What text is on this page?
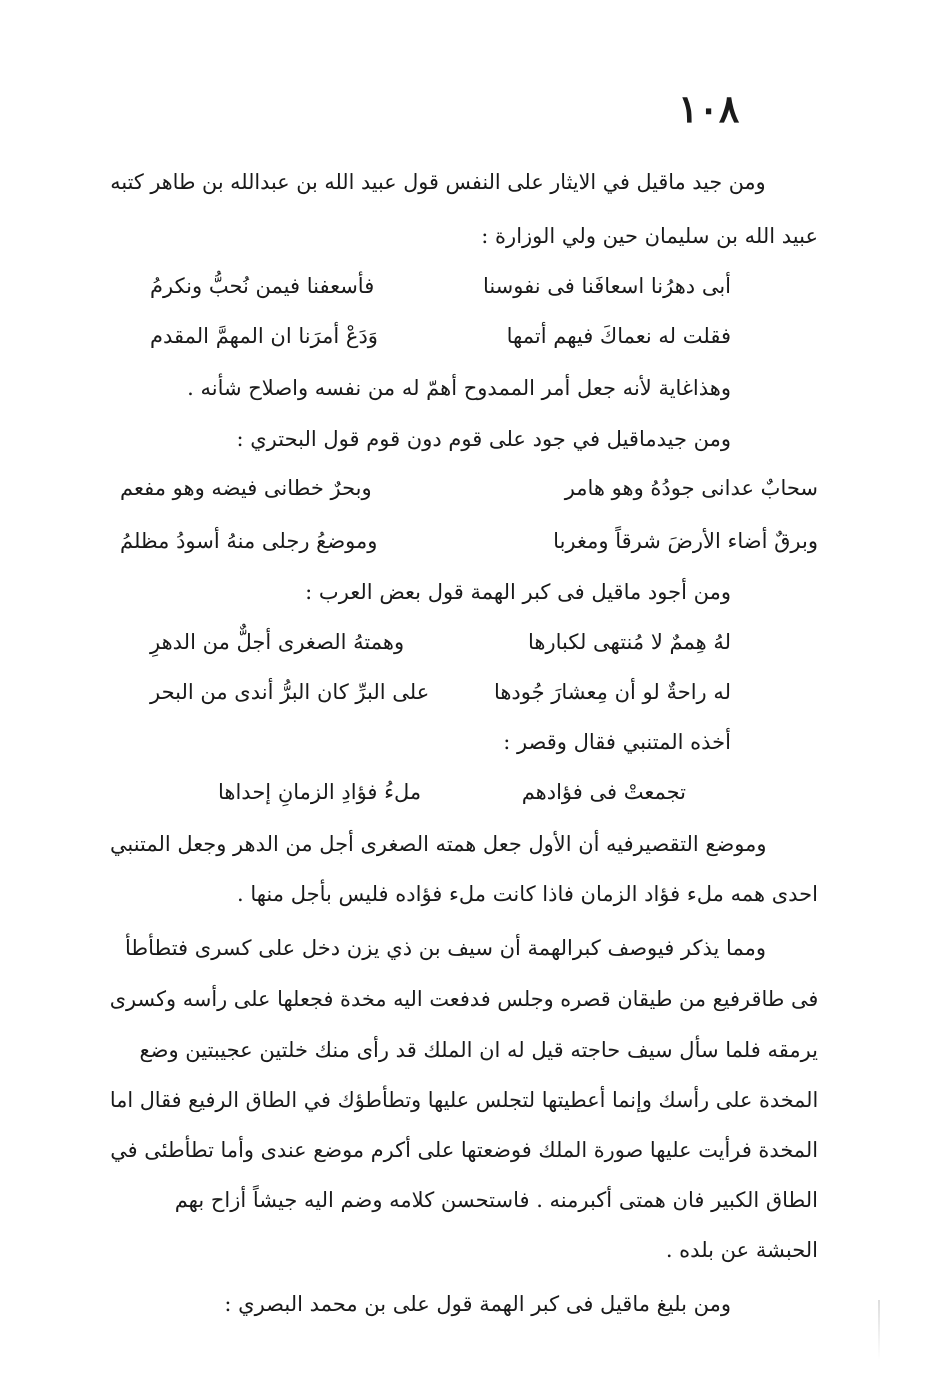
١٠٨
ومن جيد ماقيل في الايثار على النفس قول عبيد الله بن عبدالله بن طاهر كتبه
عبيد الله بن سليمان حين ولي الوزارة :
أبى دهرُنا اسعافَنا فى نفوسنا
فأسعفنا فيمن نُحبُّ ونكرمُ
فقلت له نعماكَ فيهم أتمها
وَدَعْ أمرَنا ان المهمَّ المقدم
وهذاغاية لأنه جعل أمر الممدوح أهمّ له من نفسه واصلاح شأنه .
ومن جيدماقيل في جود على قوم دون قوم قول البحتري :
سحابٌ عدانى جودُهُ وهو هامر
وبحرٌ خطانى فيضه وهو مفعم
وبرقٌ أضاء الأرضَ شرقاً ومغربا
وموضعُ رجلى منهُ أسودُ مظلمُ
ومن أجود ماقيل فى كبر الهمة قول بعض العرب :
لهُ هِممٌ لا مُنتهى لكبارها
وهمتهُ الصغرى أجلٌّ من الدهرِ
له راحةٌ لو أن مِعشارَ جُودها
على البرِّ كان البرُّ أندى من البحر
أخذه المتنبي فقال وقصر :
تجمعتْ فى فؤادهم
ملءُ فؤادِ الزمانِ إحداها
وموضع التقصيرفيه أن الأول جعل همته الصغرى أجل من الدهر وجعل المتنبي
احدى همه ملء فؤاد الزمان فاذا كانت ملء فؤاده فليس بأجل منها .
ومما يذكر فيوصف كبرالهمة أن سيف بن ذي يزن دخل على كسرى فتطأطأ
فى طاقرفيع من طيقان قصره وجلس فدفعت اليه مخدة فجعلها على رأسه وكسرى
يرمقه فلما سأل سيف حاجته قيل له ان الملك قد رأى منك خلتين عجيبتين وضع
المخدة على رأسك وإنما أعطيتها لتجلس عليها وتطأطؤك في الطاق الرفيع فقال اما
المخدة فرأيت عليها صورة الملك فوضعتها على أكرم موضع عندى وأما تطأطئى في
الطاق الكبير فان همتى أكبرمنه . فاستحسن كلامه وضم اليه جيشاً أزاح بهم
الحبشة عن بلده .
ومن بليغ ماقيل فى كبر الهمة قول على بن محمد البصري :
